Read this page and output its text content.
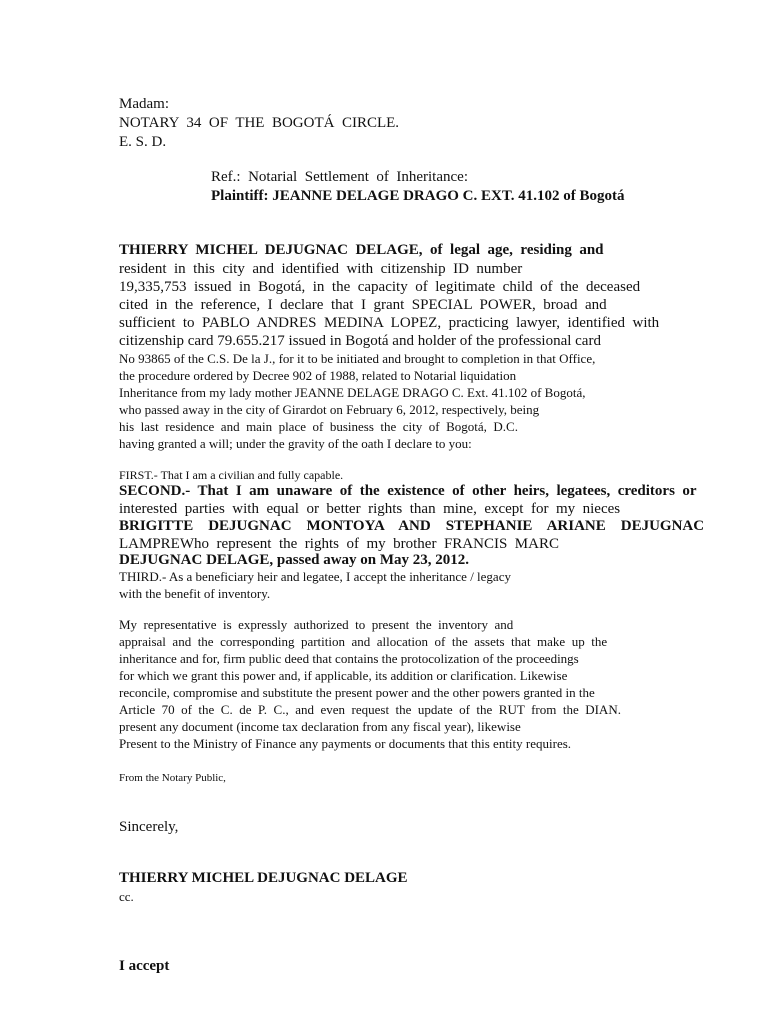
Madam:
NOTARY  34  OF  THE  BOGOTÁ  CIRCLE.
E. S. D.
Ref.:  Notarial  Settlement  of  Inheritance:
Plaintiff: JEANNE DELAGE DRAGO C. EXT. 41.102 of Bogotá
THIERRY  MICHEL  DEJUGNAC  DELAGE,  of  legal  age,  residing  and
resident  in  this  city  and  identified  with  citizenship  ID  number
19,335,753  issued  in  Bogotá,  in  the  capacity  of  legitimate  child  of  the  deceased
cited  in  the  reference,  I  declare  that  I  grant  SPECIAL  POWER,  broad  and
sufficient  to  PABLO  ANDRES  MEDINA  LOPEZ,  practicing  lawyer,  identified  with
citizenship card 79.655.217 issued in Bogotá and holder of the professional card
No 93865 of the C.S. De la J., for it to be initiated and brought to completion in that Office,
the procedure ordered by Decree 902 of 1988, related to Notarial liquidation
Inheritance from my lady mother JEANNE DELAGE DRAGO C. Ext. 41.102 of Bogotá,
who passed away in the city of Girardot on February 6, 2012, respectively, being
his  last  residence  and  main  place  of  business  the  city  of  Bogotá,  D.C.
having granted a will; under the gravity of the oath I declare to you:
FIRST.- That I am a civilian and fully capable.
SECOND.-  That  I  am  unaware  of  the  existence  of  other  heirs,  legatees,  creditors  or
interested  parties  with  equal  or  better  rights  than  mine,  except  for  my  nieces
BRIGITTE    DEJUGNAC    MONTOYA    AND    STEPHANIE    ARIANE    DEJUGNAC
LAMPREWho  represent  the  rights  of  my  brother  FRANCIS  MARC
DEJUGNAC DELAGE, passed away on May 23, 2012.
THIRD.- As a beneficiary heir and legatee, I accept the inheritance / legacy
with the benefit of inventory.
My  representative  is  expressly  authorized  to  present  the  inventory  and
appraisal  and  the  corresponding  partition  and  allocation  of  the  assets  that  make  up  the
inheritance and for, firm public deed that contains the protocolization of the proceedings
for which we grant this power and, if applicable, its addition or clarification. Likewise
reconcile, compromise and substitute the present power and the other powers granted in the
Article  70  of  the  C.  de  P.  C.,  and  even  request  the  update  of  the  RUT  from  the  DIAN.
present any document (income tax declaration from any fiscal year), likewise
Present to the Ministry of Finance any payments or documents that this entity requires.
From the Notary Public,
Sincerely,
THIERRY MICHEL DEJUGNAC DELAGE
cc.
I accept
